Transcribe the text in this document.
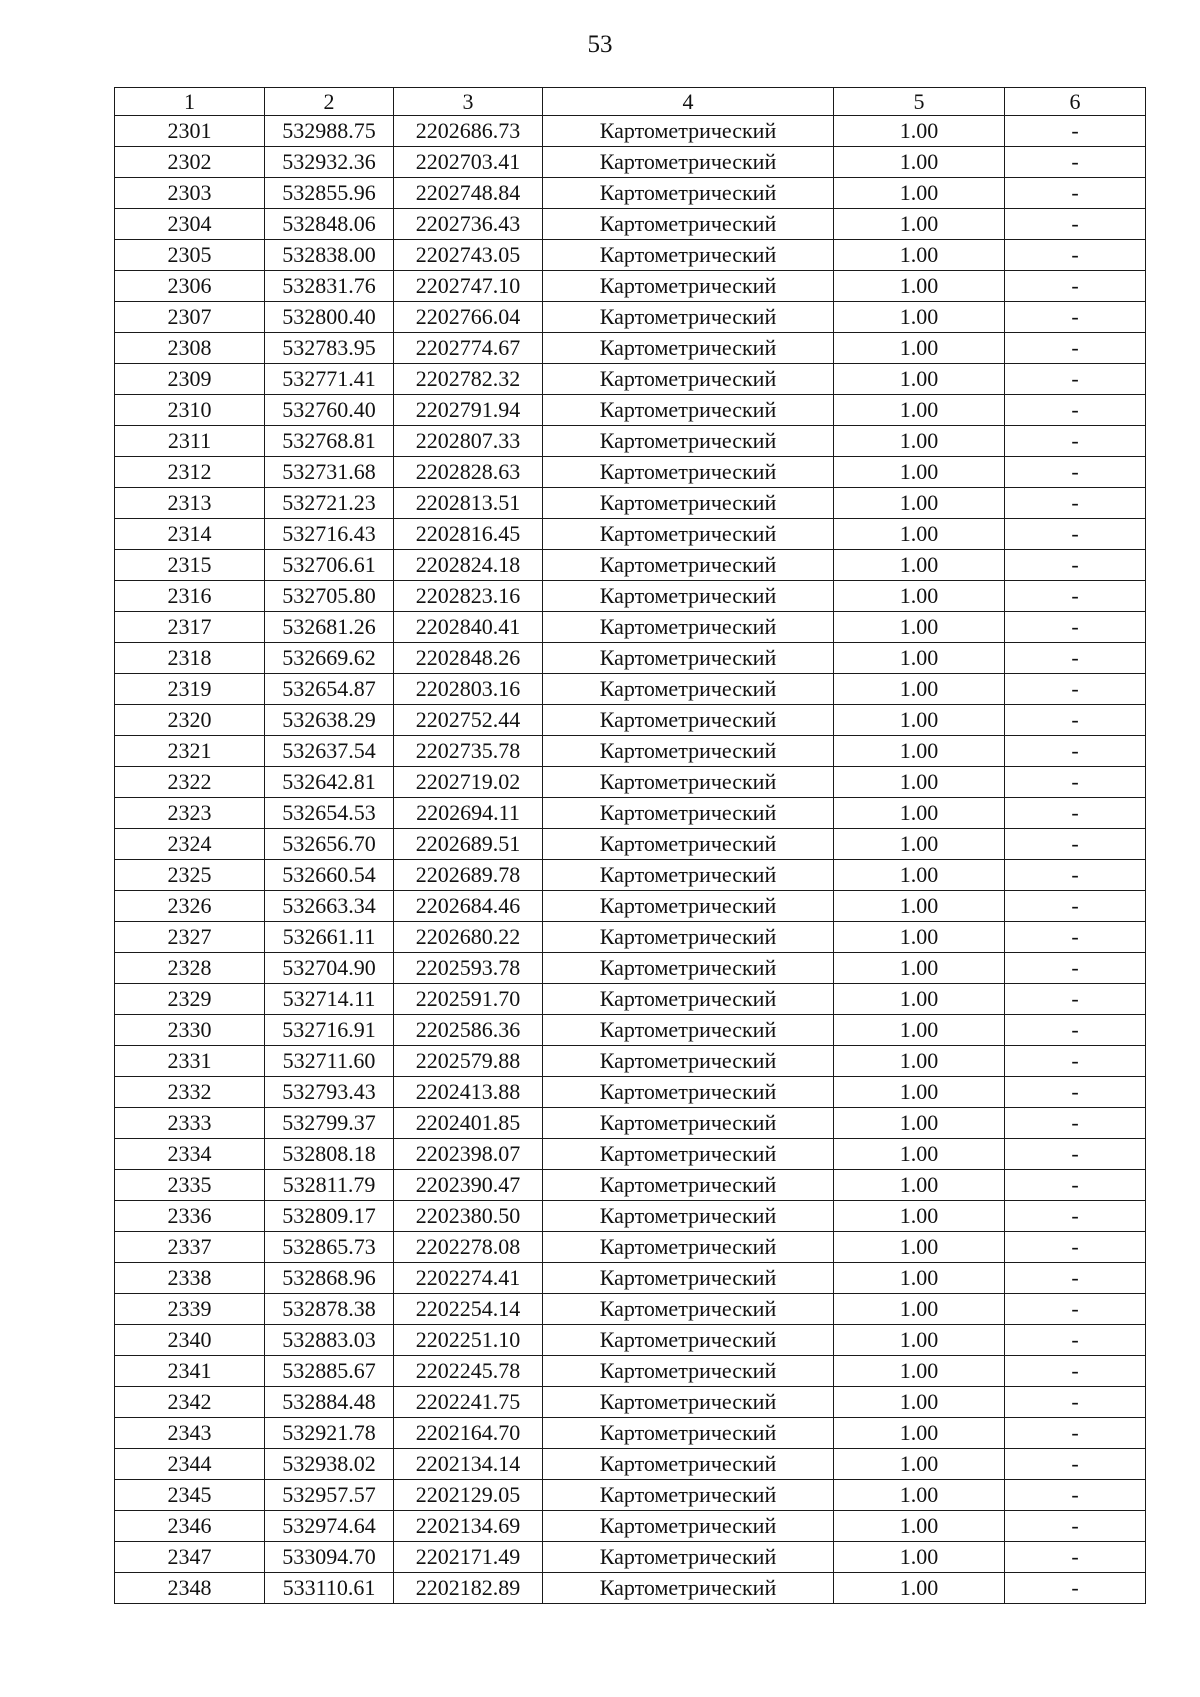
53
1	2	3	4	5	6
2301	532988.75	2202686.73	Картометрический	1.00	-
2302	532932.36	2202703.41	Картометрический	1.00	-
2303	532855.96	2202748.84	Картометрический	1.00	-
2304	532848.06	2202736.43	Картометрический	1.00	-
2305	532838.00	2202743.05	Картометрический	1.00	-
2306	532831.76	2202747.10	Картометрический	1.00	-
2307	532800.40	2202766.04	Картометрический	1.00	-
2308	532783.95	2202774.67	Картометрический	1.00	-
2309	532771.41	2202782.32	Картометрический	1.00	-
2310	532760.40	2202791.94	Картометрический	1.00	-
2311	532768.81	2202807.33	Картометрический	1.00	-
2312	532731.68	2202828.63	Картометрический	1.00	-
2313	532721.23	2202813.51	Картометрический	1.00	-
2314	532716.43	2202816.45	Картометрический	1.00	-
2315	532706.61	2202824.18	Картометрический	1.00	-
2316	532705.80	2202823.16	Картометрический	1.00	-
2317	532681.26	2202840.41	Картометрический	1.00	-
2318	532669.62	2202848.26	Картометрический	1.00	-
2319	532654.87	2202803.16	Картометрический	1.00	-
2320	532638.29	2202752.44	Картометрический	1.00	-
2321	532637.54	2202735.78	Картометрический	1.00	-
2322	532642.81	2202719.02	Картометрический	1.00	-
2323	532654.53	2202694.11	Картометрический	1.00	-
2324	532656.70	2202689.51	Картометрический	1.00	-
2325	532660.54	2202689.78	Картометрический	1.00	-
2326	532663.34	2202684.46	Картометрический	1.00	-
2327	532661.11	2202680.22	Картометрический	1.00	-
2328	532704.90	2202593.78	Картометрический	1.00	-
2329	532714.11	2202591.70	Картометрический	1.00	-
2330	532716.91	2202586.36	Картометрический	1.00	-
2331	532711.60	2202579.88	Картометрический	1.00	-
2332	532793.43	2202413.88	Картометрический	1.00	-
2333	532799.37	2202401.85	Картометрический	1.00	-
2334	532808.18	2202398.07	Картометрический	1.00	-
2335	532811.79	2202390.47	Картометрический	1.00	-
2336	532809.17	2202380.50	Картометрический	1.00	-
2337	532865.73	2202278.08	Картометрический	1.00	-
2338	532868.96	2202274.41	Картометрический	1.00	-
2339	532878.38	2202254.14	Картометрический	1.00	-
2340	532883.03	2202251.10	Картометрический	1.00	-
2341	532885.67	2202245.78	Картометрический	1.00	-
2342	532884.48	2202241.75	Картометрический	1.00	-
2343	532921.78	2202164.70	Картометрический	1.00	-
2344	532938.02	2202134.14	Картометрический	1.00	-
2345	532957.57	2202129.05	Картометрический	1.00	-
2346	532974.64	2202134.69	Картометрический	1.00	-
2347	533094.70	2202171.49	Картометрический	1.00	-
2348	533110.61	2202182.89	Картометрический	1.00	-
